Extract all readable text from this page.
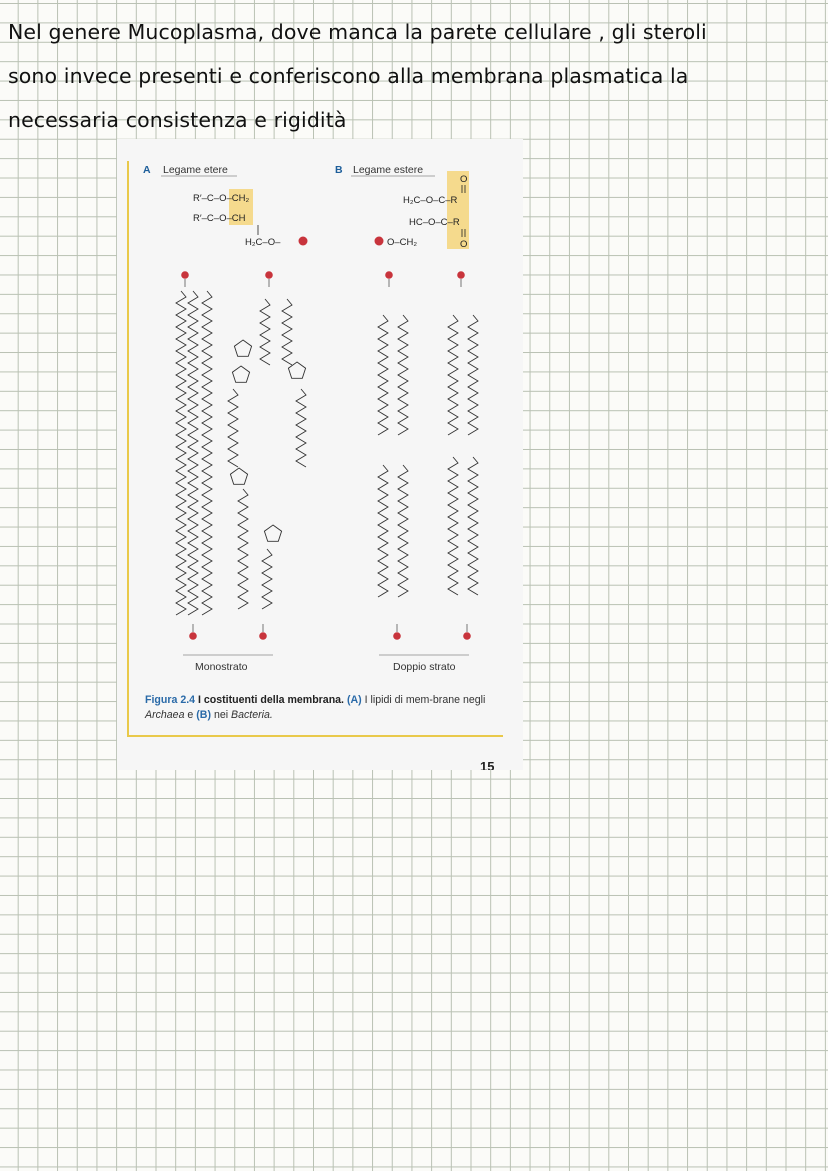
Nel genere Mucoplasma, dove manca la parete cellulare , gli steroli
sono invece presenti e conferiscono alla membrana plasmatica la
necessaria consistenza e rigidità
A Legame etere	B Legame estere
R′–C–O–CH₂
R′–C–O–CH
H₂C–O–
O
H₂C–O–C–R
HC–O–C–R
O
O–CH₂
Monostrato	Doppio strato
Figura 2.4 I costituenti della membrana. (A) I lipidi di mem-brane negli Archaea e (B) nei Bacteria.
15
